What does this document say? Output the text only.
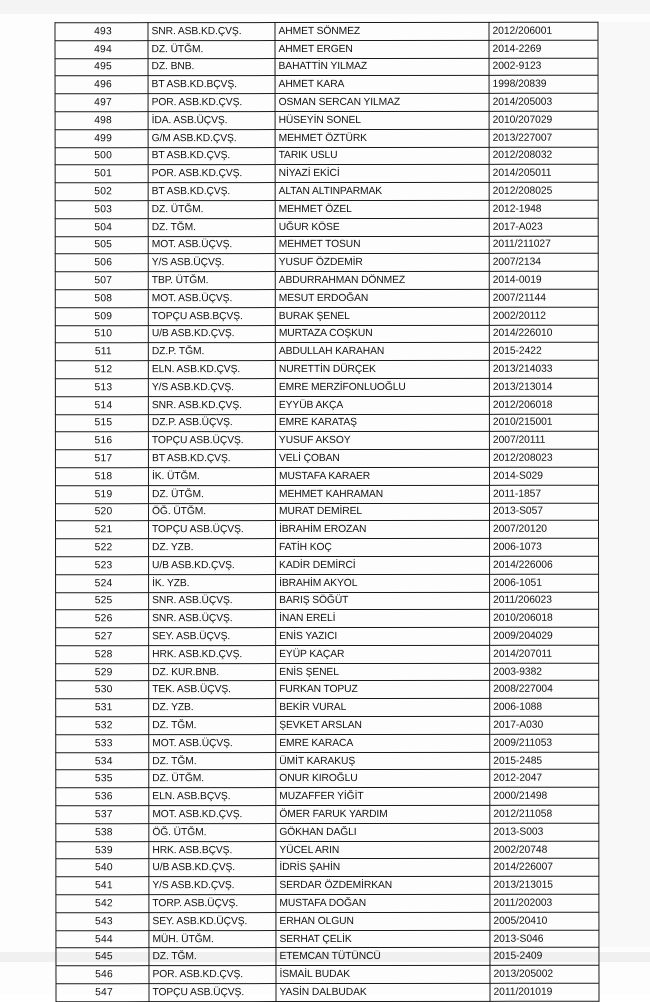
493	SNR. ASB.KD.ÇVŞ.	AHMET SÖNMEZ	2012/206001
494	DZ. ÜTĞM.	AHMET ERGEN	2014-2269
495	DZ. BNB.	BAHATTİN YILMAZ	2002-9123
496	BT ASB.KD.BÇVŞ.	AHMET KARA	1998/20839
497	POR. ASB.KD.ÇVŞ.	OSMAN SERCAN YILMAZ	2014/205003
498	İDA. ASB.ÜÇVŞ.	HÜSEYİN SONEL	2010/207029
499	G/M ASB.KD.ÇVŞ.	MEHMET ÖZTÜRK	2013/227007
500	BT ASB.KD.ÇVŞ.	TARIK USLU	2012/208032
501	POR. ASB.KD.ÇVŞ.	NİYAZİ EKİCİ	2014/205011
502	BT ASB.KD.ÇVŞ.	ALTAN ALTINPARMAK	2012/208025
503	DZ. ÜTĞM.	MEHMET ÖZEL	2012-1948
504	DZ. TĞM.	UĞUR KÖSE	2017-A023
505	MOT. ASB.ÜÇVŞ.	MEHMET TOSUN	2011/211027
506	Y/S ASB.ÜÇVŞ.	YUSUF ÖZDEMİR	2007/2134
507	TBP. ÜTĞM.	ABDURRAHMAN DÖNMEZ	2014-0019
508	MOT. ASB.ÜÇVŞ.	MESUT ERDOĞAN	2007/21144
509	TOPÇU ASB.BÇVŞ.	BURAK ŞENEL	2002/20112
510	U/B ASB.KD.ÇVŞ.	MURTAZA COŞKUN	2014/226010
511	DZ.P. TĞM.	ABDULLAH KARAHAN	2015-2422
512	ELN. ASB.KD.ÇVŞ.	NURETTİN DÜRÇEK	2013/214033
513	Y/S ASB.KD.ÇVŞ.	EMRE MERZİFONLUOĞLU	2013/213014
514	SNR. ASB.KD.ÇVŞ.	EYYÜB AKÇA	2012/206018
515	DZ.P. ASB.ÜÇVŞ.	EMRE KARATAŞ	2010/215001
516	TOPÇU ASB.ÜÇVŞ.	YUSUF AKSOY	2007/20111
517	BT ASB.KD.ÇVŞ.	VELİ ÇOBAN	2012/208023
518	İK. ÜTĞM.	MUSTAFA KARAER	2014-S029
519	DZ. ÜTĞM.	MEHMET KAHRAMAN	2011-1857
520	ÖĞ. ÜTĞM.	MURAT DEMİREL	2013-S057
521	TOPÇU ASB.ÜÇVŞ.	İBRAHİM EROZAN	2007/20120
522	DZ. YZB.	FATİH KOÇ	2006-1073
523	U/B ASB.KD.ÇVŞ.	KADİR DEMİRCİ	2014/226006
524	İK. YZB.	İBRAHİM AKYOL	2006-1051
525	SNR. ASB.ÜÇVŞ.	BARIŞ SÖĞÜT	2011/206023
526	SNR. ASB.ÜÇVŞ.	İNAN ERELİ	2010/206018
527	SEY. ASB.ÜÇVŞ.	ENİS YAZICI	2009/204029
528	HRK. ASB.KD.ÇVŞ.	EYÜP KAÇAR	2014/207011
529	DZ. KUR.BNB.	ENİS ŞENEL	2003-9382
530	TEK. ASB.ÜÇVŞ.	FURKAN TOPUZ	2008/227004
531	DZ. YZB.	BEKİR VURAL	2006-1088
532	DZ. TĞM.	ŞEVKET ARSLAN	2017-A030
533	MOT. ASB.ÜÇVŞ.	EMRE KARACA	2009/211053
534	DZ. TĞM.	ÜMİT KARAKUŞ	2015-2485
535	DZ. ÜTĞM.	ONUR KIROĞLU	2012-2047
536	ELN. ASB.BÇVŞ.	MUZAFFER YİĞİT	2000/21498
537	MOT. ASB.KD.ÇVŞ.	ÖMER FARUK YARDIM	2012/211058
538	ÖĞ. ÜTĞM.	GÖKHAN DAĞLI	2013-S003
539	HRK. ASB.BÇVŞ.	YÜCEL ARIN	2002/20748
540	U/B ASB.KD.ÇVŞ.	İDRİS ŞAHİN	2014/226007
541	Y/S ASB.KD.ÇVŞ.	SERDAR ÖZDEMİRKAN	2013/213015
542	TORP. ASB.ÜÇVŞ.	MUSTAFA DOĞAN	2011/202003
543	SEY. ASB.KD.ÜÇVŞ.	ERHAN OLGUN	2005/20410
544	MÜH. ÜTĞM.	SERHAT ÇELİK	2013-S046
545	DZ. TĞM.	ETEMCAN TÜTÜNCÜ	2015-2409
546	POR. ASB.KD.ÇVŞ.	İSMAİL BUDAK	2013/205002
547	TOPÇU ASB.ÜÇVŞ.	YASİN DALBUDAK	2011/201019
